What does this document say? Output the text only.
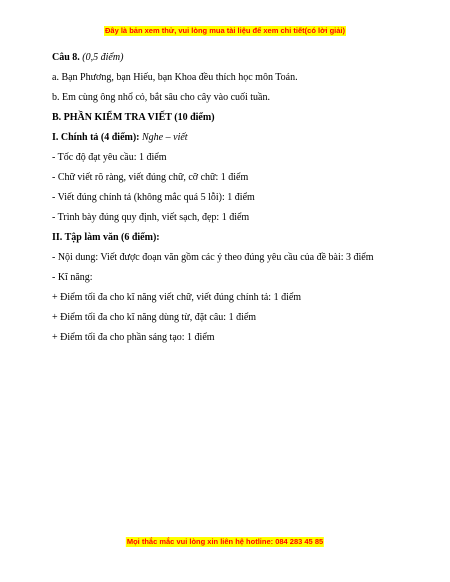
Đây là bản xem thử, vui lòng mua tài liệu để xem chi tiết(có lời giải)
Câu 8. (0,5 điểm)
a. Bạn Phương, bạn Hiếu, bạn Khoa đều thích học môn Toán.
b. Em cùng ông nhổ cỏ, bắt sâu cho cây vào cuối tuần.
B. PHẦN KIỂM TRA VIẾT (10 điểm)
I. Chính tả (4 điểm): Nghe – viết
- Tốc độ đạt yêu cầu: 1 điểm
- Chữ viết rõ ràng, viết đúng chữ, cỡ chữ: 1 điểm
- Viết đúng chính tả (không mắc quá 5 lỗi): 1 điểm
- Trình bày đúng quy định, viết sạch, đẹp: 1 điểm
II. Tập làm văn (6 điểm):
- Nội dung: Viết được đoạn văn gồm các ý theo đúng yêu cầu của đề bài: 3 điểm
- Kĩ năng:
+ Điểm tối đa cho kĩ năng viết chữ, viết đúng chính tả: 1 điểm
+ Điểm tối đa cho kĩ năng dùng từ, đặt câu: 1 điểm
+ Điểm tối đa cho phần sáng tạo: 1 điểm
Mọi thắc mắc vui lòng xin liên hệ hotline: 084 283 45 85
